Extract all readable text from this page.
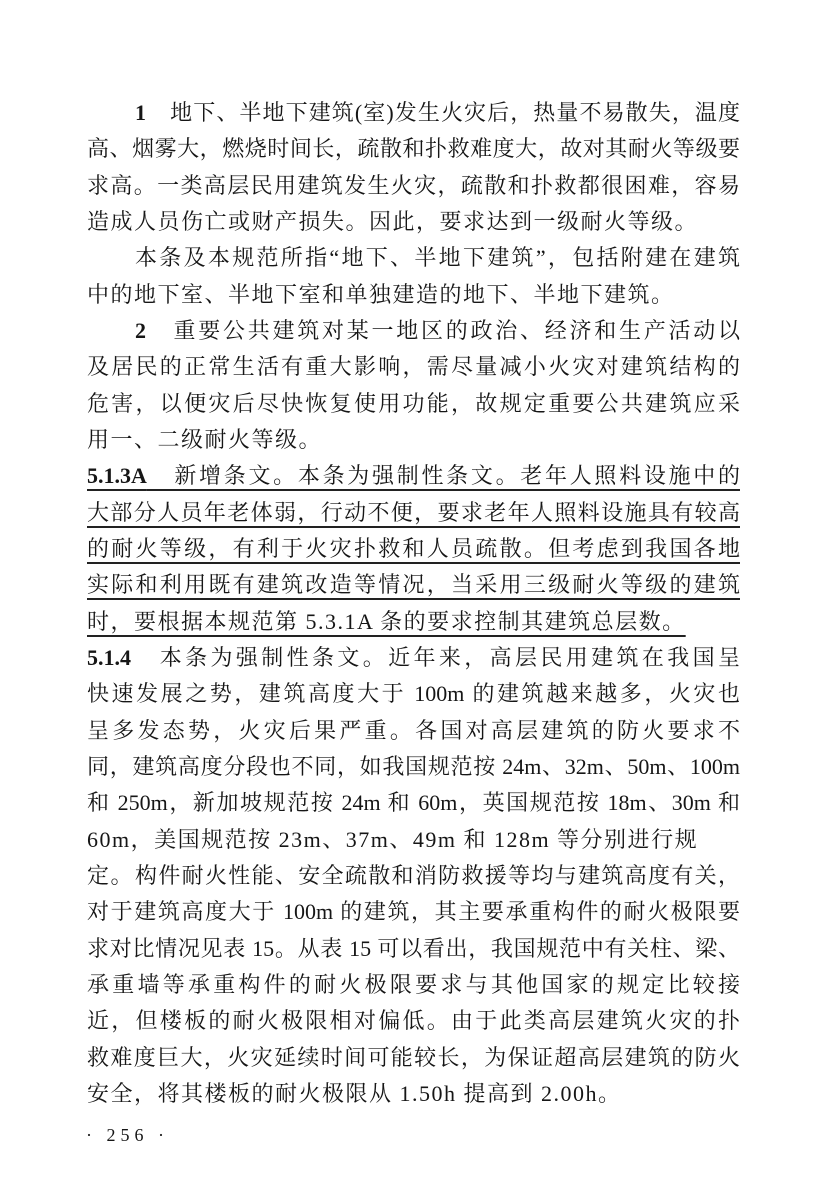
1　地下、半地下建筑(室)发生火灾后，热量不易散失，温度
高、烟雾大，燃烧时间长，疏散和扑救难度大，故对其耐火等级要
求高。一类高层民用建筑发生火灾，疏散和扑救都很困难，容易
造成人员伤亡或财产损失。因此，要求达到一级耐火等级。
本条及本规范所指“地下、半地下建筑”，包括附建在建筑
中的地下室、半地下室和单独建造的地下、半地下建筑。
2　重要公共建筑对某一地区的政治、经济和生产活动以
及居民的正常生活有重大影响，需尽量减小火灾对建筑结构的
危害，以便灾后尽快恢复使用功能，故规定重要公共建筑应采
用一、二级耐火等级。
5.1.3A　新增条文。本条为强制性条文。老年人照料设施中的
大部分人员年老体弱，行动不便，要求老年人照料设施具有较高
的耐火等级，有利于火灾扑救和人员疏散。但考虑到我国各地
实际和利用既有建筑改造等情况，当采用三级耐火等级的建筑
时，要根据本规范第 5.3.1A 条的要求控制其建筑总层数。
5.1.4　本条为强制性条文。近年来，高层民用建筑在我国呈
快速发展之势，建筑高度大于 100m 的建筑越来越多，火灾也
呈多发态势，火灾后果严重。各国对高层建筑的防火要求不
同，建筑高度分段也不同，如我国规范按 24m、32m、50m、100m
和 250m，新加坡规范按 24m 和 60m，英国规范按 18m、30m 和
60m，美国规范按 23m、37m、49m 和 128m 等分别进行规定。 构件耐火性能、安全疏散和消防救援等均与建筑高度有关，
对于建筑高度大于 100m 的建筑，其主要承重构件的耐火极限要
求对比情况见表 15。从表 15 可以看出，我国规范中有关柱、梁、
承重墙等承重构件的耐火极限要求与其他国家的规定比较接
近，但楼板的耐火极限相对偏低。由于此类高层建筑火灾的扑
救难度巨大，火灾延续时间可能较长，为保证超高层建筑的防火
安全，将其楼板的耐火极限从 1.50h 提高到 2.00h。
· 256 ·
